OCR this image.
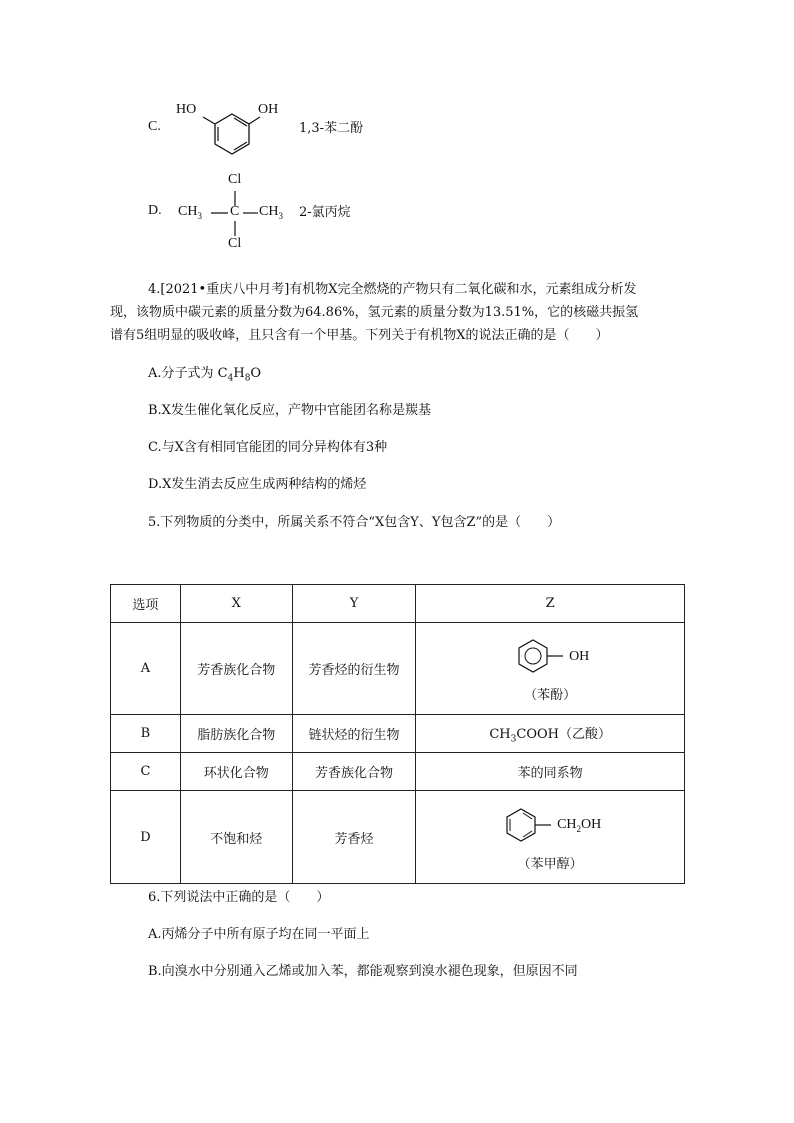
C.
HO	OH
1,3-苯二酚
D.
Cl
Cl
$CH_3$ C $CH_3$ 2-氯丙烷
4.[2021•重庆八中月考]有机物X完全燃烧的产物只有二氧化碳和水，元素组成分析发
现，该物质中碳元素的质量分数为64.86%，氢元素的质量分数为13.51%，它的核磁共振氢
谱有5组明显的吸收峰，且只含有一个甲基。下列关于有机物X的说法正确的是（　　）
A.分子式为 $C_4H_8O$
B.X发生催化氧化反应，产物中官能团名称是羰基
C.与X含有相同官能团的同分异构体有3种
D.X发生消去反应生成两种结构的烯烃
5.下列物质的分类中，所属关系不符合“X包含Y、Y包含Z”的是（　　）
选项	X	Y	Z
A	芳香族化合物	芳香烃的衍生物	OH
（苯酚）

B	脂肪族化合物	链状烃的衍生物	$CH_3COOH$（乙酸）
C	环状化合物	芳香族化合物	苯的同系物
D	不饱和烃	芳香烃	$CH_2OH$
（苯甲醇）
6.下列说法中正确的是（　　）
A.丙烯分子中所有原子均在同一平面上
B.向溴水中分别通入乙烯或加入苯，都能观察到溴水褪色现象，但原因不同
